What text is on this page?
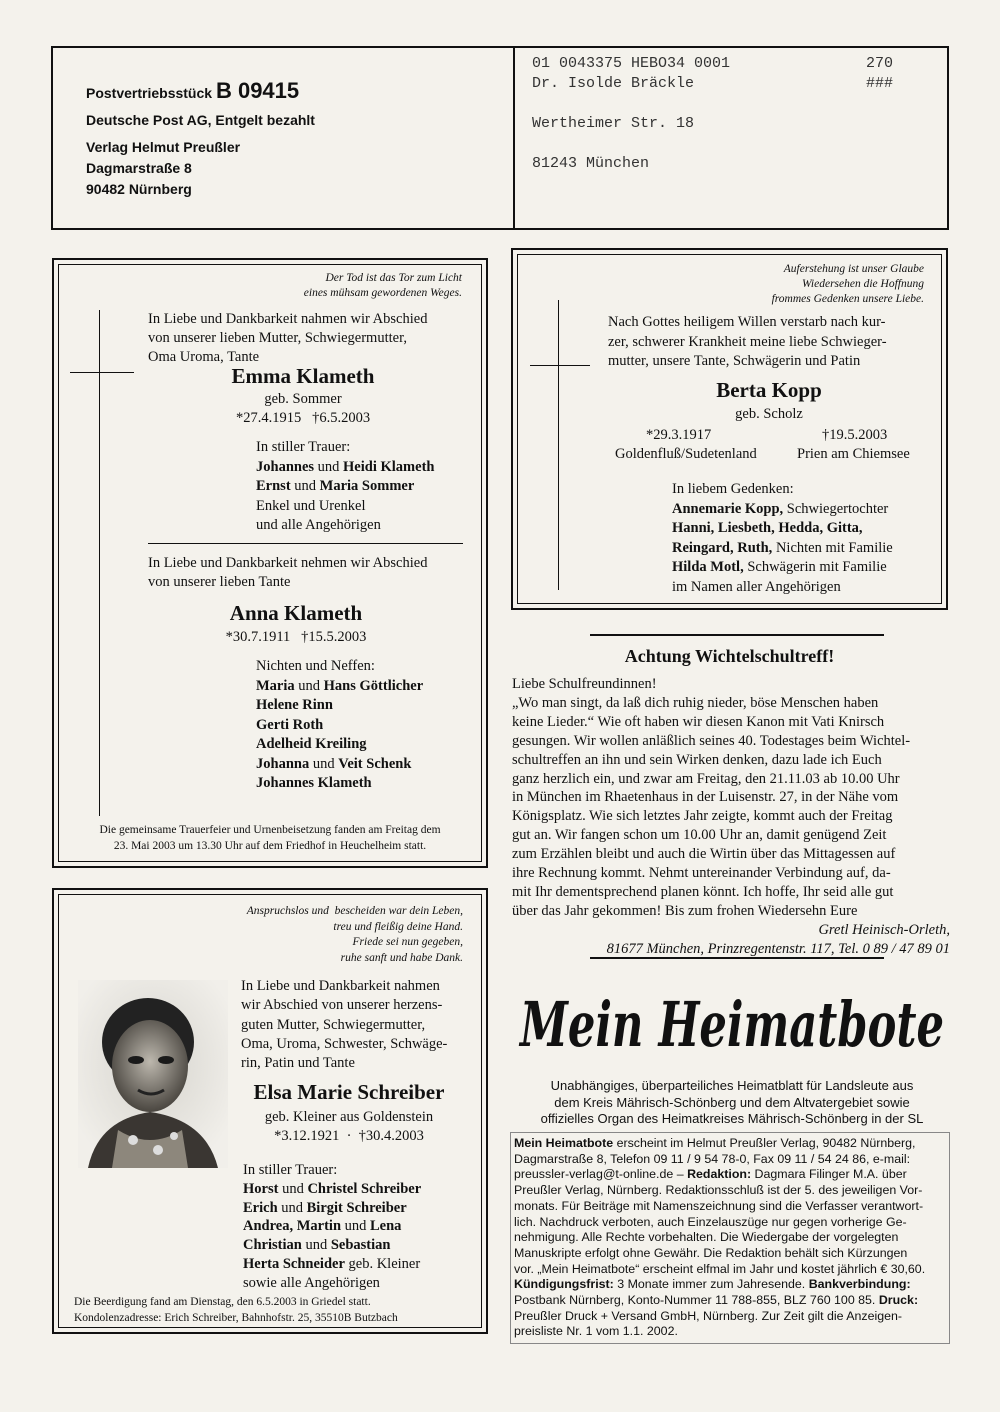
Postvertriebsstück B 09415
Deutsche Post AG, Entgelt bezahlt
Verlag Helmut Preußler
Dagmarstraße 8
90482 Nürnberg
01 0043375 HEBO34 0001	270
Dr. Isolde Bräckle	###
Wertheimer Str. 18
81243 München
Der Tod ist das Tor zum Licht
eines mühsam gewordenen Weges.
In Liebe und Dankbarkeit nahmen wir Abschied
von unserer lieben Mutter, Schwiegermutter,
Oma Uroma, Tante
Emma Klameth
geb. Sommer
*27.4.1915   †6.5.2003
In stiller Trauer:
Johannes und Heidi Klameth
Ernst und Maria Sommer
Enkel und Urenkel
und alle Angehörigen
In Liebe und Dankbarkeit nehmen wir Abschied
von unserer lieben Tante
Anna Klameth
*30.7.1911   †15.5.2003
Nichten und Neffen:
Maria und Hans Göttlicher
Helene Rinn
Gerti Roth
Adelheid Kreiling
Johanna und Veit Schenk
Johannes Klameth
Die gemeinsame Trauerfeier und Urnenbeisetzung fanden am Freitag dem
23. Mai 2003 um 13.30 Uhr auf dem Friedhof in Heuchelheim statt.
Auferstehung ist unser Glaube
Wiedersehen die Hoffnung
frommes Gedenken unsere Liebe.
Nach Gottes heiligem Willen verstarb nach kur-
zer, schwerer Krankheit meine liebe Schwieger-
mutter, unsere Tante, Schwägerin und Patin
Berta Kopp
geb. Scholz
*29.3.1917	†19.5.2003
Goldenfluß/Sudetenland	Prien am Chiemsee
In liebem Gedenken:
Annemarie Kopp, Schwiegertochter
Hanni, Liesbeth, Hedda, Gitta,
Reingard, Ruth, Nichten mit Familie
Hilda Motl, Schwägerin mit Familie
im Namen aller Angehörigen
Achtung Wichtelschultreff!
Liebe Schulfreundinnen!
„Wo man singt, da laß dich ruhig nieder, böse Menschen haben
keine Lieder.“ Wie oft haben wir diesen Kanon mit Vati Knirsch
gesungen. Wir wollen anläßlich seines 40. Todestages beim Wichtel-
schultreffen an ihn und sein Wirken denken, dazu lade ich Euch
ganz herzlich ein, und zwar am Freitag, den 21.11.03 ab 10.00 Uhr
in München im Rhaetenhaus in der Luisenstr. 27, in der Nähe vom
Königsplatz. Wie sich letztes Jahr zeigte, kommt auch der Freitag
gut an. Wir fangen schon um 10.00 Uhr an, damit genügend Zeit
zum Erzählen bleibt und auch die Wirtin über das Mittagessen auf
ihre Rechnung kommt. Nehmt untereinander Verbindung auf, da-
mit Ihr dementsprechend planen könnt. Ich hoffe, Ihr seid alle gut
über das Jahr gekommen! Bis zum frohen Wiedersehn Eure
Gretl Heinisch-Orleth,
81677 München, Prinzregentenstr. 117, Tel. 0 89 / 47 89 01
Anspruchslos und  bescheiden war dein Leben,
treu und fleißig deine Hand.
Friede sei nun gegeben,
ruhe sanft und habe Dank.
In Liebe und Dankbarkeit nahmen
wir Abschied von unserer herzens-
guten Mutter, Schwiegermutter,
Oma, Uroma, Schwester, Schwäge-
rin, Patin und Tante
Elsa Marie Schreiber
geb. Kleiner aus Goldenstein
*3.12.1921  ·  †30.4.2003
In stiller Trauer:
Horst und Christel Schreiber
Erich und Birgit Schreiber
Andrea, Martin und Lena
Christian und Sebastian
Herta Schneider geb. Kleiner
sowie alle Angehörigen
Die Beerdigung fand am Dienstag, den 6.5.2003 in Griedel statt.
Kondolenzadresse: Erich Schreiber, Bahnhofstr. 25, 35510B Butzbach
Mein Heimatbote
Unabhängiges, überparteiliches Heimatblatt für Landsleute aus
dem Kreis Mährisch-Schönberg und dem Altvatergebiet sowie
offizielles Organ des Heimatkreises Mährisch-Schönberg in der SL
Mein Heimatbote erscheint im Helmut Preußler Verlag, 90482 Nürnberg,
Dagmarstraße 8, Telefon 09 11 / 9 54 78-0, Fax 09 11 / 54 24 86, e-mail:
preussler-verlag@t-online.de – Redaktion: Dagmara Filinger M.A. über
Preußler Verlag, Nürnberg. Redaktionsschluß ist der 5. des jeweiligen Vor-
monats. Für Beiträge mit Namenszeichnung sind die Verfasser verantwort-
lich. Nachdruck verboten, auch Einzelauszüge nur gegen vorherige Ge-
nehmigung. Alle Rechte vorbehalten. Die Wiedergabe der vorgelegten
Manuskripte erfolgt ohne Gewähr. Die Redaktion behält sich Kürzungen
vor. „Mein Heimatbote“ erscheint elfmal im Jahr und kostet jährlich € 30,60.
Kündigungsfrist: 3 Monate immer zum Jahresende. Bankverbindung:
Postbank Nürnberg, Konto-Nummer 11 788-855, BLZ 760 100 85. Druck:
Preußler Druck + Versand GmbH, Nürnberg. Zur Zeit gilt die Anzeigen-
preisliste Nr. 1 vom 1.1. 2002.
